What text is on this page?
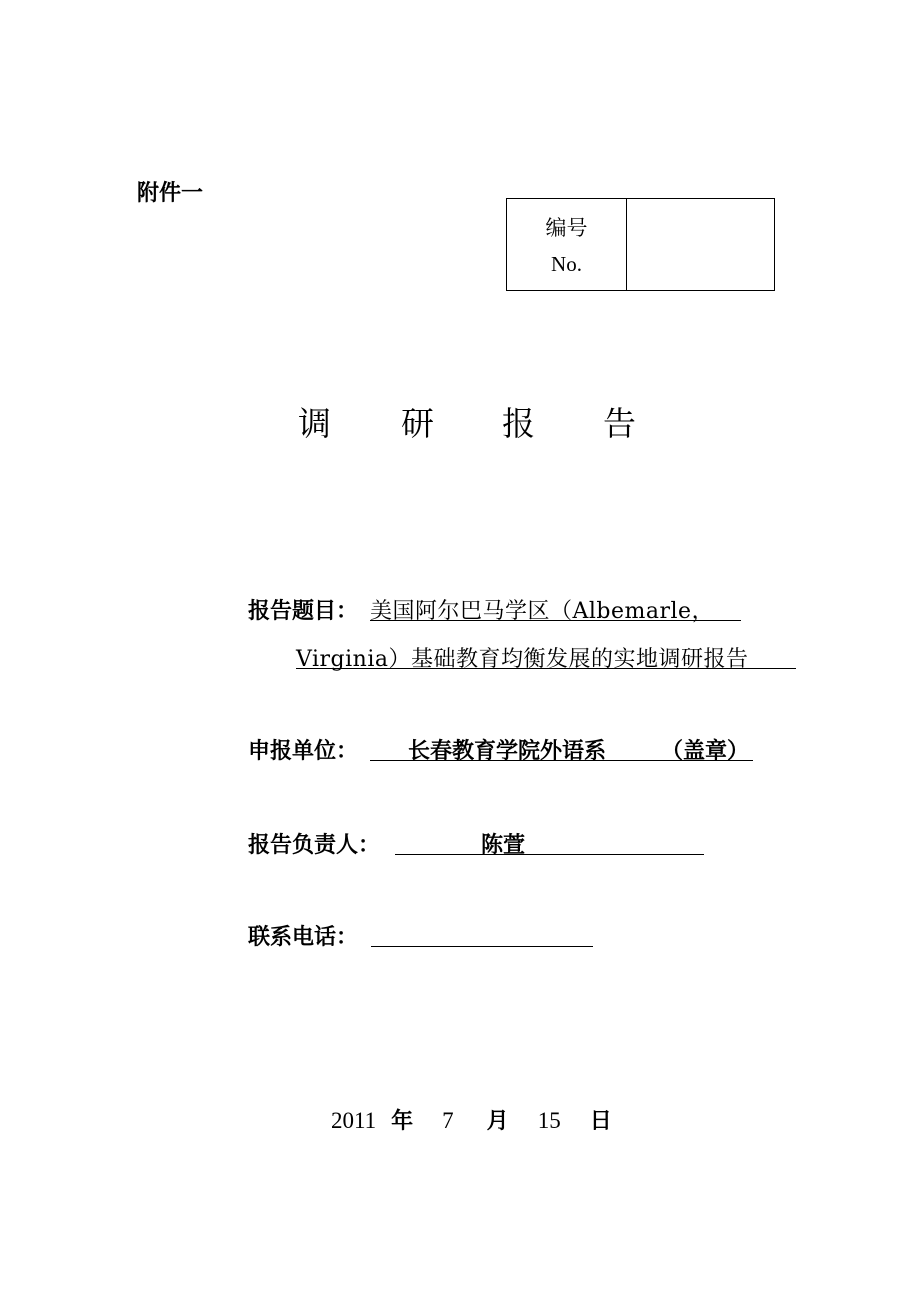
附件一
编号
No.
调 研 报 告
报告题目： 美国阿尔巴马学区（Albemarle，
Virginia）基础教育均衡发展的实地调研报告
申报单位： 长春教育学院外语系 （盖章）
报告负责人：	陈萱
联系电话：
2011 年 7 月 15 日
